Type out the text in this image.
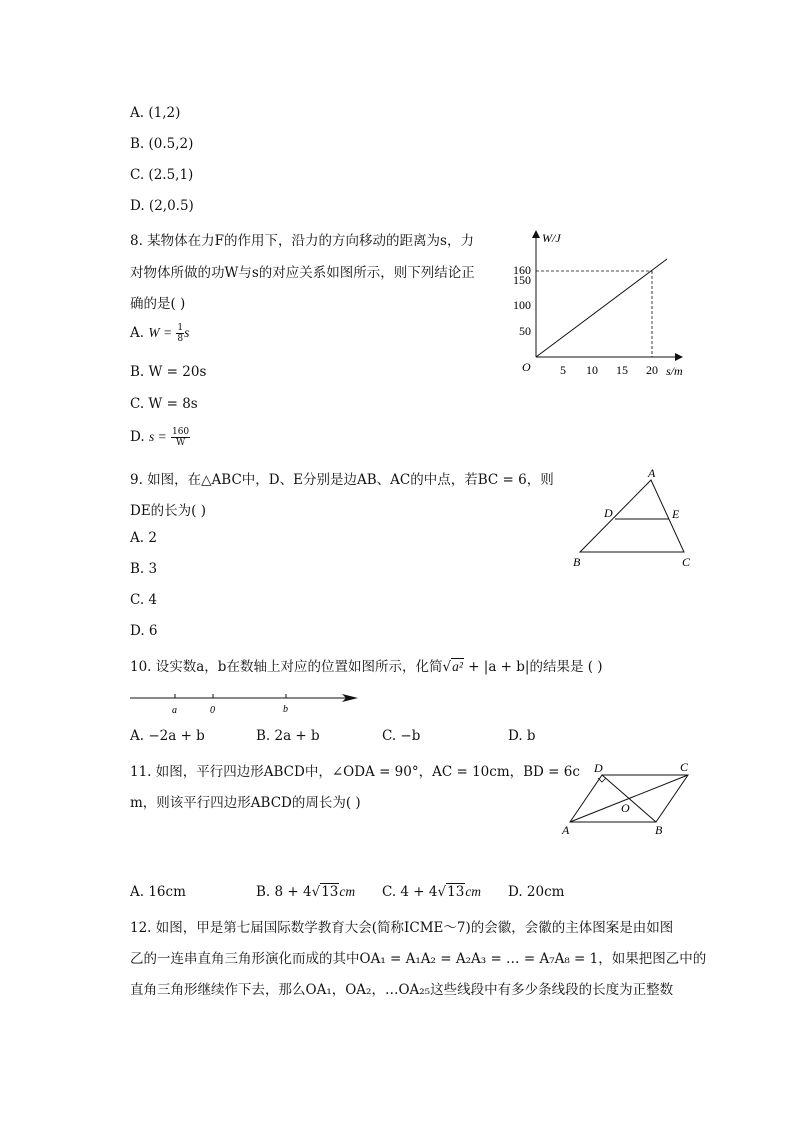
A. (1,2)
B. (0.5,2)
C. (2.5,1)
D. (2,0.5)
8. 某物体在力F的作用下，沿力的方向移动的距离为s，力
对物体所做的功W与s的对应关系如图所示，则下列结论正
确的是( )
A. $W = \frac{1}{8}$ s
B. W = 20s
C. W = 8s
D. $s = \frac{160}{W}$
W/J
s/m
O 5 10 15 20
50
100
150
160
9. 如图，在△ABC中，D、E分别是边AB、AC的中点，若BC = 6，则
DE的长为( )
A. 2
B. 3
C. 4
D. 6
A
B	C
D	E
10. 设实数a，b在数轴上对应的位置如图所示，化简√a² + |a + b|的结果是 ( )
a	0	b
A. −2a + b	B. 2a + b	C. −b	D. b
11. 如图，平行四边形ABCD中，∠ODA = 90°，AC = 10cm，BD = 6c
m，则该平行四边形ABCD的周长为( )
A	B
C
D
O
A. 16cm	B. 8 + 4√13cm C. 4 + 4√13cm D. 20cm
12. 如图，甲是第七届国际数学教育大会(简称ICME～7)的会徽，会徽的主体图案是由如图
乙的一连串直角三角形演化而成的其中OA₁ = A₁A₂ = A₂A₃ = … = A₇A₈ = 1，如果把图乙中的
直角三角形继续作下去，那么OA₁，OA₂，…OA₂₅这些线段中有多少条线段的长度为正整数
